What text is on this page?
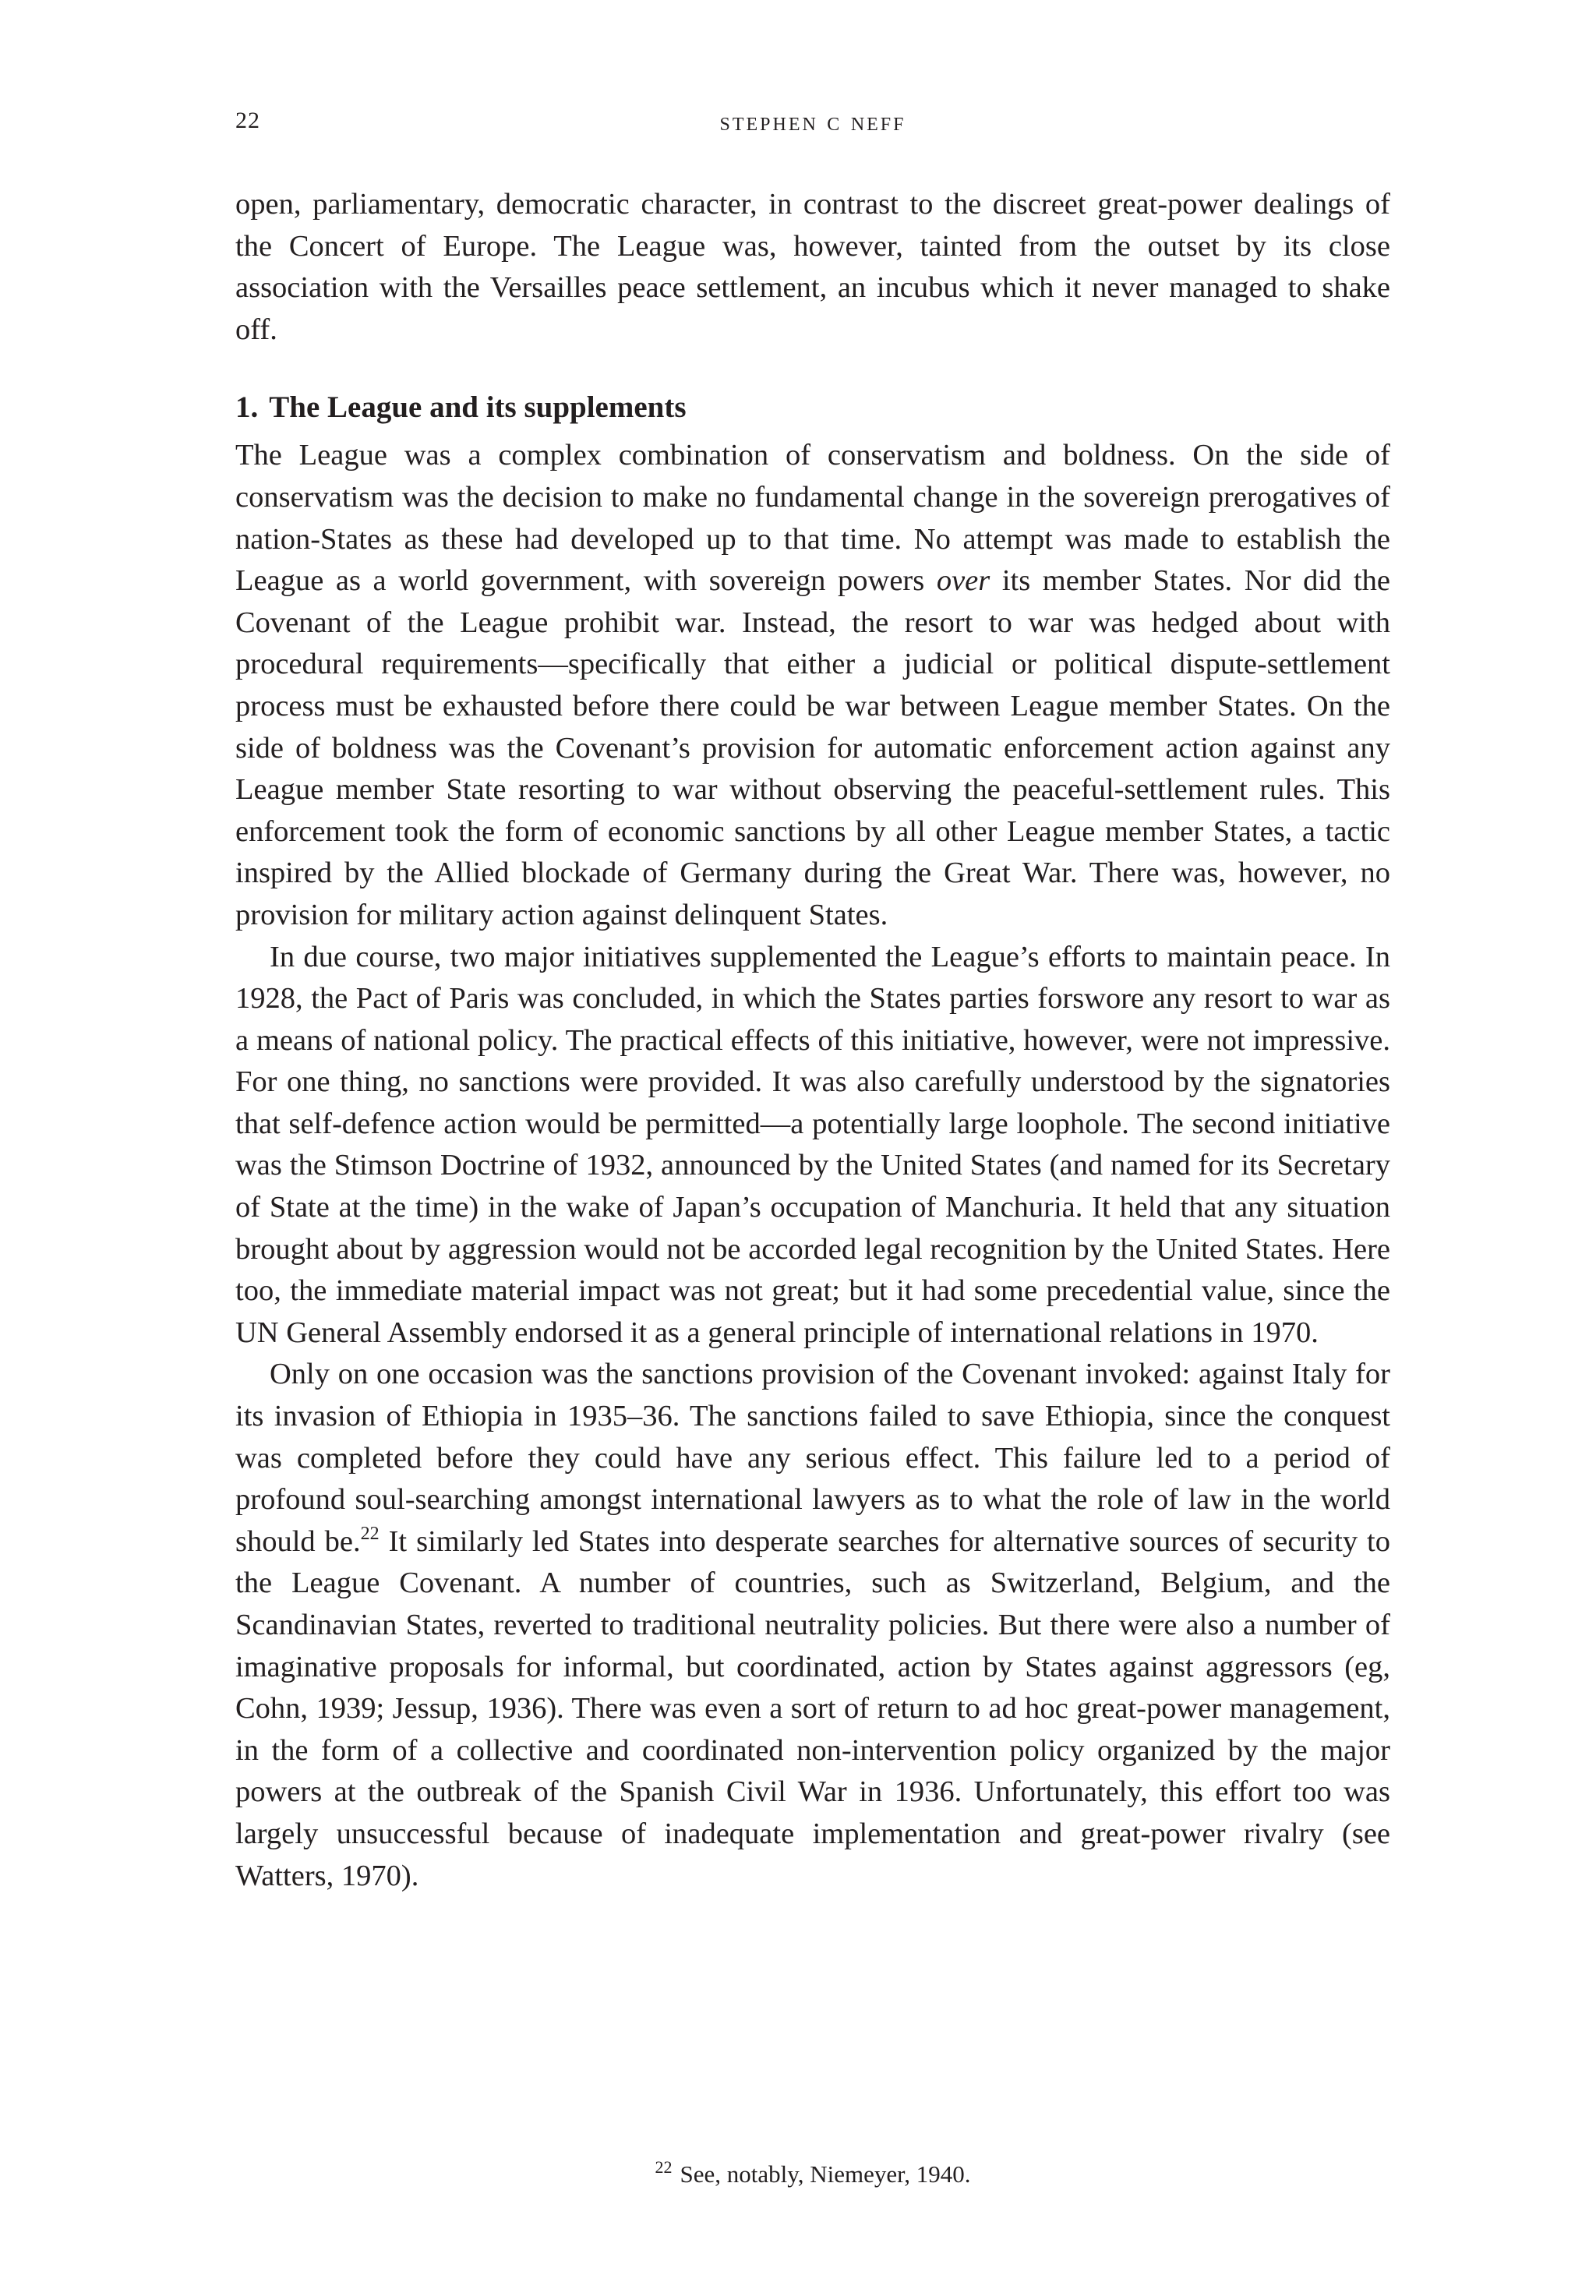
22	stephen c neff

open, parliamentary, democratic character, in contrast to the discreet great-power dealings of the Concert of Europe. The League was, however, tainted from the outset by its close association with the Versailles peace settlement, an incubus which it never managed to shake off.

1. The League and its supplements

The League was a complex combination of conservatism and boldness. On the side of conservatism was the decision to make no fundamental change in the sovereign prerogatives of nation-States as these had developed up to that time. No attempt was made to establish the League as a world government, with sovereign powers over its member States. Nor did the Covenant of the League prohibit war. Instead, the resort to war was hedged about with procedural requirements—specifically that either a judicial or political dispute-settlement process must be exhausted before there could be war between League member States. On the side of boldness was the Covenant’s provision for automatic enforcement action against any League member State resorting to war without observing the peaceful-settlement rules. This enforcement took the form of economic sanctions by all other League member States, a tactic inspired by the Allied blockade of Germany during the Great War. There was, however, no provision for military action against delinquent States.

In due course, two major initiatives supplemented the League’s efforts to maintain peace. In 1928, the Pact of Paris was concluded, in which the States parties forswore any resort to war as a means of national policy. The practical effects of this initiative, however, were not impressive. For one thing, no sanctions were provided. It was also carefully understood by the signatories that self-defence action would be permitted—a potentially large loophole. The second initiative was the Stimson Doctrine of 1932, announced by the United States (and named for its Secretary of State at the time) in the wake of Japan’s occupation of Manchuria. It held that any situation brought about by aggression would not be accorded legal recognition by the United States. Here too, the immediate material impact was not great; but it had some precedential value, since the UN General Assembly endorsed it as a general principle of international relations in 1970.

Only on one occasion was the sanctions provision of the Covenant invoked: against Italy for its invasion of Ethiopia in 1935–36. The sanctions failed to save Ethiopia, since the conquest was completed before they could have any serious effect. This failure led to a period of profound soul-searching amongst international lawyers as to what the role of law in the world should be.$^{22}$ It similarly led States into desperate searches for alternative sources of security to the League Covenant. A number of countries, such as Switzerland, Belgium, and the Scandinavian States, reverted to traditional neutrality policies. But there were also a number of imaginative proposals for informal, but coordinated, action by States against aggressors (eg, Cohn, 1939; Jessup, 1936). There was even a sort of return to ad hoc great-power management, in the form of a collective and coordinated non-intervention policy organized by the major powers at the outbreak of the Spanish Civil War in 1936. Unfortunately, this effort too was largely unsuccessful because of inadequate implementation and great-power rivalry (see Watters, 1970).

$^{22}$ See, notably, Niemeyer, 1940.
